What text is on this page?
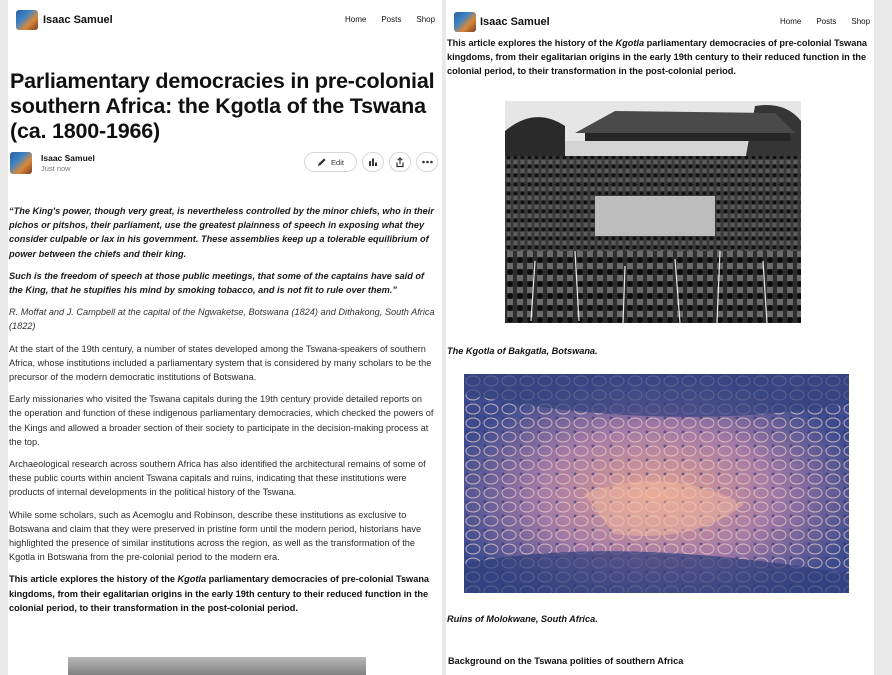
Isaac Samuel	Home Posts Shop
Parliamentary democracies in pre-colonial southern Africa: the Kgotla of the Tswana (ca. 1800-1966)
Isaac Samuel
Just now
Edit

“The King's power, though very great, is nevertheless controlled by the minor chiefs, who in their pichos or pitshos, their parliament, use the greatest plainness of speech in exposing what they consider culpable or lax in his government. These assemblies keep up a tolerable equilibrium of power between the chiefs and their king.

Such is the freedom of speech at those public meetings, that some of the captains have said of the King, that he stupifies his mind by smoking tobacco, and is not fit to rule over them.”

R. Moffat and J. Campbell at the capital of the Ngwaketse, Botswana (1824) and Dithakong, South Africa (1822)

At the start of the 19th century, a number of states developed among the Tswana-speakers of southern Africa, whose institutions included a parliamentary system that is considered by many scholars to be the precursor of the modern democratic institutions of Botswana.

Early missionaries who visited the Tswana capitals during the 19th century provide detailed reports on the operation and function of these indigenous parliamentary democracies, which checked the powers of the Kings and allowed a broader section of their society to participate in the decision-making process at the top.

Archaeological research across southern Africa has also identified the architectural remains of some of these public courts within ancient Tswana capitals and ruins, indicating that these institutions were products of internal developments in the political history of the Tswana.

While some scholars, such as Acemoglu and Robinson, describe these institutions as exclusive to Botswana and claim that they were preserved in pristine form until the modern period, historians have highlighted the presence of similar institutions across the region, as well as the transformation of the Kgotla in Botswana from the pre-colonial period to the modern era.

This article explores the history of the Kgotla parliamentary democracies of pre-colonial Tswana kingdoms, from their egalitarian origins in the early 19th century to their reduced function in the colonial period, to their transformation in the post-colonial period.

Isaac Samuel	Home Posts Shop

This article explores the history of the Kgotla parliamentary democracies of pre-colonial Tswana kingdoms, from their egalitarian origins in the early 19th century to their reduced function in the colonial period, to their transformation in the post-colonial period.

The Kgotla of Bakgatla, Botswana.
Ruins of Molokwane, South Africa.
Background on the Tswana polities of southern Africa
